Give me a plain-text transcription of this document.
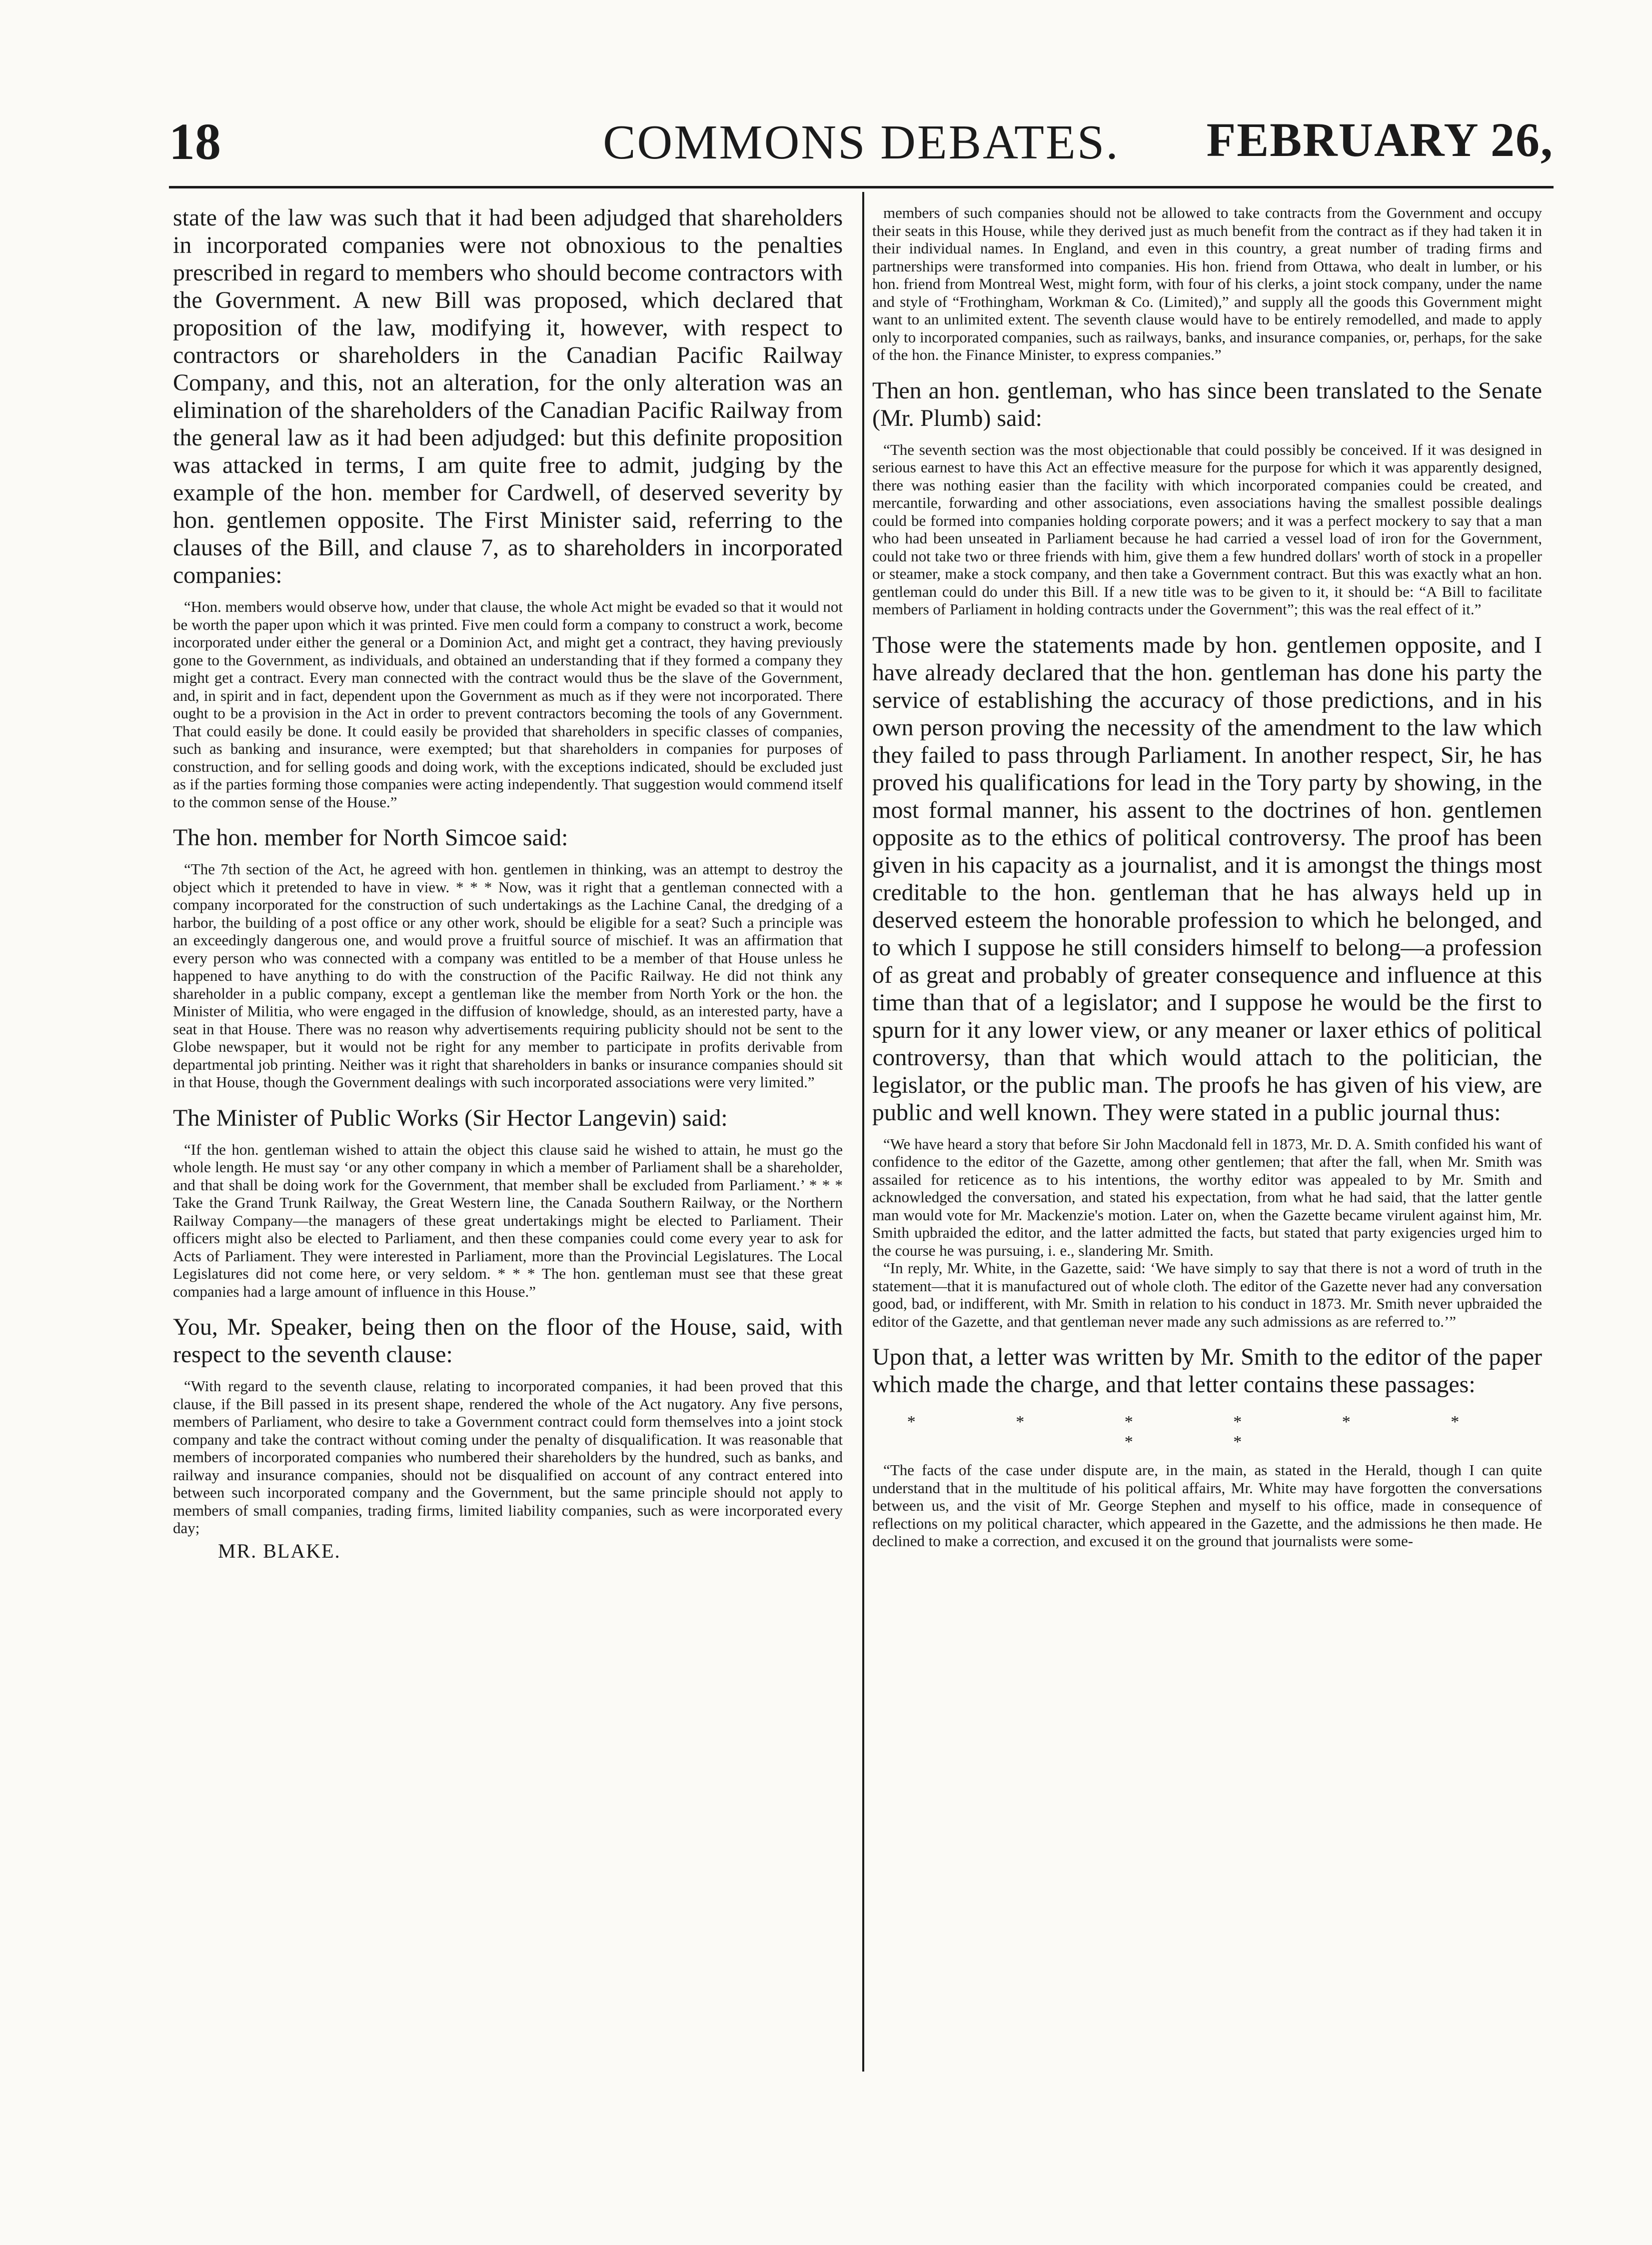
18	COMMONS DEBATES.	FEBRUARY 26,

state of the law was such that it had been adjudged that shareholders in incorporated companies were not obnoxious to the penalties prescribed in regard to members who should become contractors with the Government. A new Bill was proposed, which declared that proposition of the law, modifying it, however, with respect to contractors or shareholders in the Canadian Pacific Railway Company, and this, not an alteration, for the only alteration was an elimination of the shareholders of the Canadian Pacific Railway from the general law as it had been adjudged: but this definite proposition was attacked in terms, I am quite free to admit, judging by the example of the hon. member for Cardwell, of deserved severity by hon. gentlemen opposite. The First Minister said, referring to the clauses of the Bill, and clause 7, as to shareholders in incorporated companies:

“Hon. members would observe how, under that clause, the whole Act might be evaded so that it would not be worth the paper upon which it was printed. Five men could form a company to construct a work, become incorporated under either the general or a Dominion Act, and might get a contract, they having previously gone to the Government, as individuals, and obtained an understanding that if they formed a company they might get a contract. Every man connected with the contract would thus be the slave of the Government, and, in spirit and in fact, dependent upon the Government as much as if they were not incorporated. There ought to be a provision in the Act in order to prevent contractors becoming the tools of any Government. That could easily be done. It could easily be provided that shareholders in specific classes of companies, such as banking and insurance, were exempted; but that shareholders in companies for purposes of construction, and for selling goods and doing work, with the exceptions indicated, should be excluded just as if the parties forming those companies were acting independently. That suggestion would commend itself to the common sense of the House.”

The hon. member for North Simcoe said:

“The 7th section of the Act, he agreed with hon. gentlemen in thinking, was an attempt to destroy the object which it pretended to have in view. * * * Now, was it right that a gentleman connected with a company incorporated for the construction of such undertakings as the Lachine Canal, the dredging of a harbor, the building of a post office or any other work, should be eligible for a seat? Such a principle was an exceedingly dangerous one, and would prove a fruitful source of mischief. It was an affirmation that every person who was connected with a company was entitled to be a member of that House unless he happened to have anything to do with the construction of the Pacific Railway. He did not think any shareholder in a public company, except a gentleman like the member from North York or the hon. the Minister of Militia, who were engaged in the diffusion of knowledge, should, as an interested party, have a seat in that House. There was no reason why advertisements requiring publicity should not be sent to the Globe newspaper, but it would not be right for any member to participate in profits derivable from departmental job printing. Neither was it right that shareholders in banks or insurance companies should sit in that House, though the Government dealings with such incorporated associations were very limited.”

The Minister of Public Works (Sir Hector Langevin) said:

“If the hon. gentleman wished to attain the object this clause said he wished to attain, he must go the whole length. He must say ‘or any other company in which a member of Parliament shall be a shareholder, and that shall be doing work for the Government, that member shall be excluded from Parliament.’ * * * Take the Grand Trunk Railway, the Great Western line, the Canada Southern Railway, or the Northern Railway Company—the managers of these great undertakings might be elected to Parliament. Their officers might also be elected to Parliament, and then these companies could come every year to ask for Acts of Parliament. They were interested in Parliament, more than the Provincial Legislatures. The Local Legislatures did not come here, or very seldom. * * * The hon. gentleman must see that these great companies had a large amount of influence in this House.”

You, Mr. Speaker, being then on the floor of the House, said, with respect to the seventh clause:

“With regard to the seventh clause, relating to incorporated companies, it had been proved that this clause, if the Bill passed in its present shape, rendered the whole of the Act nugatory. Any five persons, members of Parliament, who desire to take a Government contract could form themselves into a joint stock company and take the contract without coming under the penalty of disqualification. It was reasonable that members of incorporated companies who numbered their shareholders by the hundred, such as banks, and railway and insurance companies, should not be disqualified on account of any contract entered into between such incorporated company and the Government, but the same principle should not apply to members of small companies, trading firms, limited liability companies, such as were incorporated every day;

MR. BLAKE.

members of such companies should not be allowed to take contracts from the Government and occupy their seats in this House, while they derived just as much benefit from the contract as if they had taken it in their individual names. In England, and even in this country, a great number of trading firms and partnerships were transformed into companies. His hon. friend from Ottawa, who dealt in lumber, or his hon. friend from Montreal West, might form, with four of his clerks, a joint stock company, under the name and style of “Frothingham, Workman & Co. (Limited),” and supply all the goods this Government might want to an unlimited extent. The seventh clause would have to be entirely remodelled, and made to apply only to incorporated companies, such as railways, banks, and insurance companies, or, perhaps, for the sake of the hon. the Finance Minister, to express companies.”

Then an hon. gentleman, who has since been translated to the Senate (Mr. Plumb) said:

“The seventh section was the most objectionable that could possibly be conceived. If it was designed in serious earnest to have this Act an effective measure for the purpose for which it was apparently designed, there was nothing easier than the facility with which incorporated companies could be created, and mercantile, forwarding and other associations, even associations having the smallest possible dealings could be formed into companies holding corporate powers; and it was a perfect mockery to say that a man who had been unseated in Parliament because he had carried a vessel load of iron for the Government, could not take two or three friends with him, give them a few hundred dollars' worth of stock in a propeller or steamer, make a stock company, and then take a Government contract. But this was exactly what an hon. gentleman could do under this Bill. If a new title was to be given to it, it should be: “A Bill to facilitate members of Parliament in holding contracts under the Government”; this was the real effect of it.”

Those were the statements made by hon. gentlemen opposite, and I have already declared that the hon. gentleman has done his party the service of establishing the accuracy of those predictions, and in his own person proving the necessity of the amendment to the law which they failed to pass through Parliament. In another respect, Sir, he has proved his qualifications for lead in the Tory party by showing, in the most formal manner, his assent to the doctrines of hon. gentlemen opposite as to the ethics of political controversy. The proof has been given in his capacity as a journalist, and it is amongst the things most creditable to the hon. gentleman that he has always held up in deserved esteem the honorable profession to which he belonged, and to which I suppose he still considers himself to belong—a profession of as great and probably of greater consequence and influence at this time than that of a legislator; and I suppose he would be the first to spurn for it any lower view, or any meaner or laxer ethics of political controversy, than that which would attach to the politician, the legislator, or the public man. The proofs he has given of his view, are public and well known. They were stated in a public journal thus:

“We have heard a story that before Sir John Macdonald fell in 1873, Mr. D. A. Smith confided his want of confidence to the editor of the Gazette, among other gentlemen; that after the fall, when Mr. Smith was assailed for reticence as to his intentions, the worthy editor was appealed to by Mr. Smith and acknowledged the conversation, and stated his expectation, from what he had said, that the latter gentle man would vote for Mr. Mackenzie's motion. Later on, when the Gazette became virulent against him, Mr. Smith upbraided the editor, and the latter admitted the facts, but stated that party exigencies urged him to the course he was pursuing, i. e., slandering Mr. Smith.

“In reply, Mr. White, in the Gazette, said: ‘We have simply to say that there is not a word of truth in the statement—that it is manufactured out of whole cloth. The editor of the Gazette never had any conversation good, bad, or indifferent, with Mr. Smith in relation to his conduct in 1873. Mr. Smith never upbraided the editor of the Gazette, and that gentleman never made any such admissions as are referred to.’”

Upon that, a letter was written by Mr. Smith to the editor of the paper which made the charge, and that letter contains these passages:

* * * * * * * *

“The facts of the case under dispute are, in the main, as stated in the Herald, though I can quite understand that in the multitude of his political affairs, Mr. White may have forgotten the conversations between us, and the visit of Mr. George Stephen and myself to his office, made in consequence of reflections on my political character, which appeared in the Gazette, and the admissions he then made. He declined to make a correction, and excused it on the ground that journalists were some-
